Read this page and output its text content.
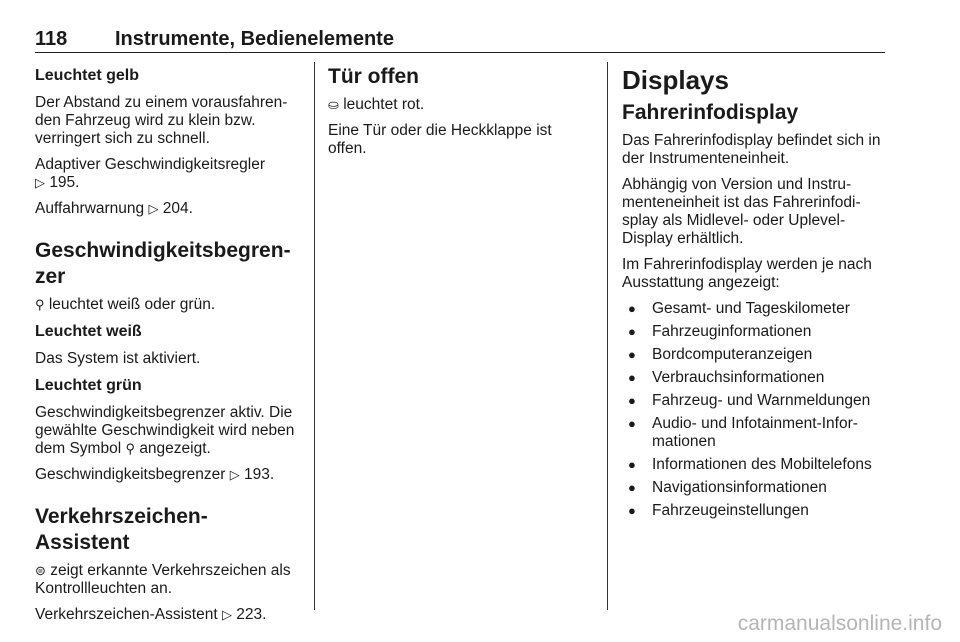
118 Instrumente, Bedienelemente
Leuchtet gelb

Der Abstand zu einem vorausfahren-den Fahrzeug wird zu klein bzw. verringert sich zu schnell.

Adaptiver Geschwindigkeitsregler
▷ 195.

Auffahrwarnung ▷ 204.

Geschwindigkeitsbegren-zer

⚲ leuchtet weiß oder grün.

Leuchtet weiß

Das System ist aktiviert.

Leuchtet grün

Geschwindigkeitsbegrenzer aktiv. Die gewählte Geschwindigkeit wird neben dem Symbol ⚲ angezeigt.

Geschwindigkeitsbegrenzer ▷ 193.

Verkehrszeichen-Assistent

⊜ zeigt erkannte Verkehrszeichen als Kontrollleuchten an.

Verkehrszeichen-Assistent ▷ 223.

Tür offen

⛀ leuchtet rot.

Eine Tür oder die Heckklappe ist offen.

Displays
Fahrerinfodisplay

Das Fahrerinfodisplay befindet sich in der Instrumenteneinheit.

Abhängig von Version und Instru-menteneinheit ist das Fahrerinfodi-splay als Midlevel- oder Uplevel-Display erhältlich.

Im Fahrerinfodisplay werden je nach Ausstattung angezeigt:

● Gesamt- und Tageskilometer
● Fahrzeuginformationen
● Bordcomputeranzeigen
● Verbrauchsinformationen
● Fahrzeug- und Warnmeldungen
● Audio- und Infotainment-Infor-mationen
● Informationen des Mobiltelefons
● Navigationsinformationen
● Fahrzeugeinstellungen
carmanualsonline.info
